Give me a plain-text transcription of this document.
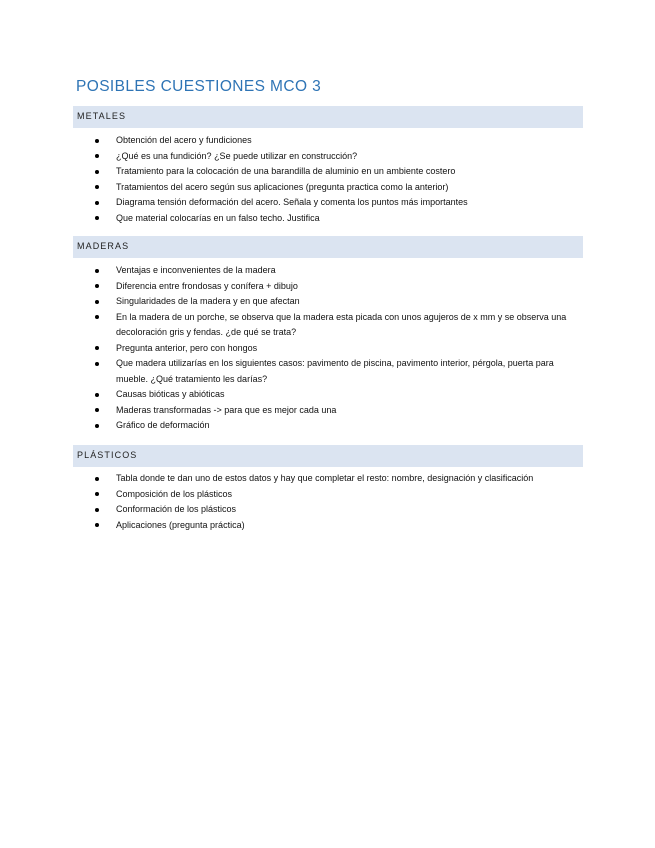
POSIBLES CUESTIONES MCO 3
METALES
Obtención del acero y fundiciones
¿Qué es una fundición? ¿Se puede utilizar en construcción?
Tratamiento para la colocación de una barandilla de aluminio en un ambiente costero
Tratamientos del acero según sus aplicaciones (pregunta practica como la anterior)
Diagrama tensión deformación del acero. Señala y comenta los puntos más importantes
Que material colocarías en un falso techo. Justifica
MADERAS
Ventajas e inconvenientes de la madera
Diferencia entre frondosas y conífera + dibujo
Singularidades de la madera y en que afectan
En la madera de un porche, se observa que la madera esta picada con unos agujeros de x mm y se observa una decoloración gris y fendas. ¿de qué se trata?
Pregunta anterior, pero con hongos
Que madera utilizarías en los siguientes casos: pavimento de piscina, pavimento interior, pérgola, puerta para mueble. ¿Qué tratamiento les darías?
Causas bióticas y abióticas
Maderas transformadas -> para que es mejor cada una
Gráfico de deformación
PLÁSTICOS
Tabla donde te dan uno de estos datos y hay que completar el resto: nombre, designación y clasificación
Composición de los plásticos
Conformación de los plásticos
Aplicaciones (pregunta práctica)
